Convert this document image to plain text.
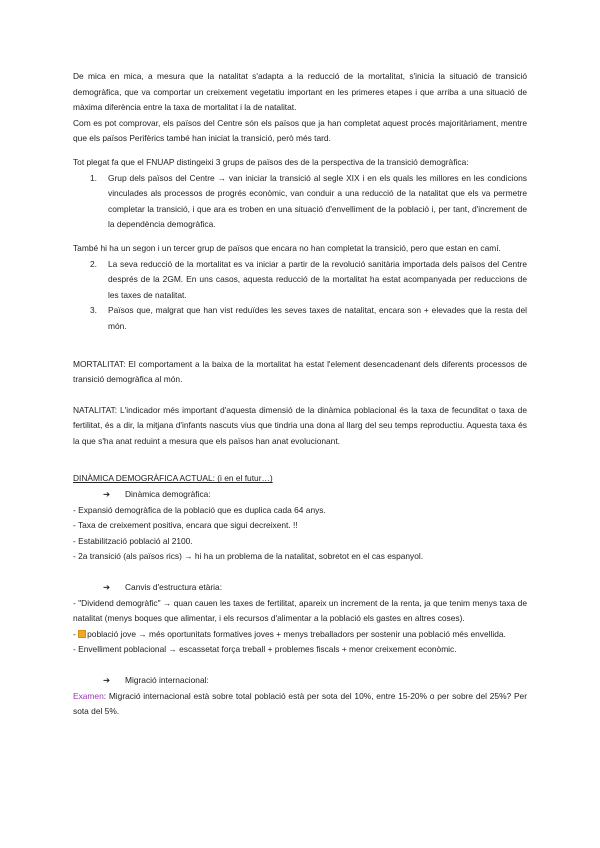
De mica en mica, a mesura que la natalitat s'adapta a la reducció de la mortalitat, s'inicia la situació de transició demogràfica, que va comportar un creixement vegetatiu important en les primeres etapes i que arriba a una situació de màxima diferència entre la taxa de mortalitat i la de natalitat.

Com es pot comprovar, els països del Centre són els països que ja han completat aquest procés majoritàriament, mentre que els països Perifèrics també han iniciat la transició, però més tard.

Tot plegat fa que el FNUAP distingeixi 3 grups de països des de la perspectiva de la transició demogràfica:

1. Grup dels països del Centre → van iniciar la transició al segle XIX i en els quals les millores en les condicions vinculades als processos de progrés econòmic, van conduir a una reducció de la natalitat que els va permetre completar la transició, i que ara es troben en una situació d'envelliment de la població i, per tant, d'increment de la dependència demogràfica.

També hi ha un segon i un tercer grup de països que encara no han completat la transició, pero que estan en camí.

2. La seva reducció de la mortalitat es va iniciar a partir de la revolució sanitària importada dels països del Centre després de la 2GM. En uns casos, aquesta reducció de la mortalitat ha estat acompanyada per reduccions de les taxes de natalitat.
3. Països que, malgrat que han vist reduïdes les seves taxes de natalitat, encara son + elevades que la resta del món.

MORTALITAT: El comportament a la baixa de la mortalitat ha estat l'element desencadenant dels diferents processos de transició demogràfica al món.

NATALITAT: L'indicador més important d'aquesta dimensió de la dinàmica poblacional és la taxa de fecunditat o taxa de fertilitat, és a dir, la mitjana d'infants nascuts vius que tindria una dona al llarg del seu temps reproductiu. Aquesta taxa és la que s'ha anat reduint a mesura que els països han anat evolucionant.

DINÀMICA DEMOGRÀFICA ACTUAL: (i en el futur…)

➔ Dinàmica demogràfica:

- Expansió demogràfica de la població que es duplica cada 64 anys.

- Taxa de creixement positiva, encara que sigui decreixent. !!

- Estabilització població al 2100.

- 2a transició (als països rics) → hi ha un problema de la natalitat, sobretot en el cas espanyol.

➔ Canvis d'estructura etària:

- "Dividend demogràfic" → quan cauen les taxes de fertilitat, apareix un increment de la renta, ja que tenim menys taxa de natalitat (menys boques que alimentar, i els recursos d'alimentar a la població els gastes en altres coses).

- població jove → més oportunitats formatives joves + menys treballadors per sostenir una població més envellida.

- Envelliment poblacional → escassetat força treball + problemes fiscals + menor creixement econòmic.

➔ Migració internacional:

Examen: Migració internacional està sobre total població està per sota del 10%, entre 15-20% o per sobre del 25%? Per sota del 5%.
